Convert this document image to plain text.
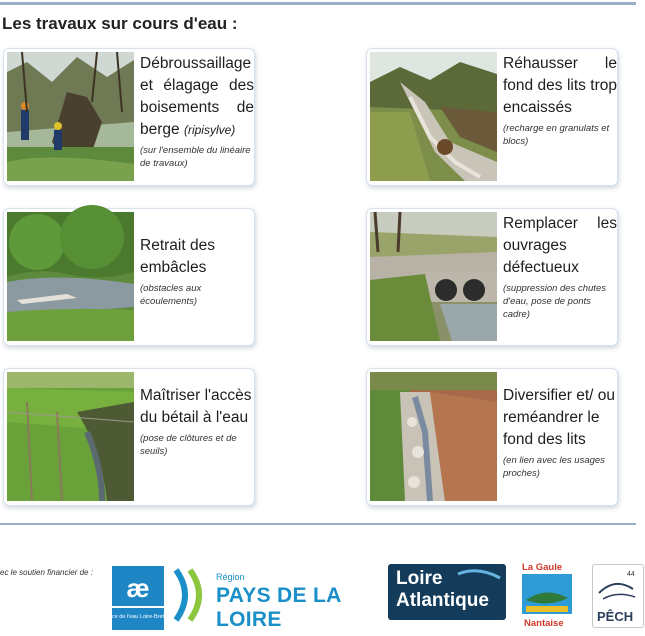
Les travaux sur cours d'eau :
Débroussaillage et élagage des boisements de berge (ripisylve)
(sur l'ensemble du linéaire de travaux)
Réhausser le fond des lits trop encaissés
(recharge en granulats et blocs)
Retrait des embâcles
(obstacles aux écoulements)
Remplacer les ouvrages défectueux
(suppression des chutes d'eau, pose de ponts cadre)
Maîtriser l'accès du bétail à l'eau
(pose de clôtures et de seuils)
Diversifier et/ ou reméandrer le fond des lits
(en lien avec les usages proches)
ec le soutien financier de :
æ
agence de l'eau Loire-Bretagne
Région
PAYS DE LA LOIRE
Loire
Atlantique
La Gaule
Nantaise
44
PÊCH
